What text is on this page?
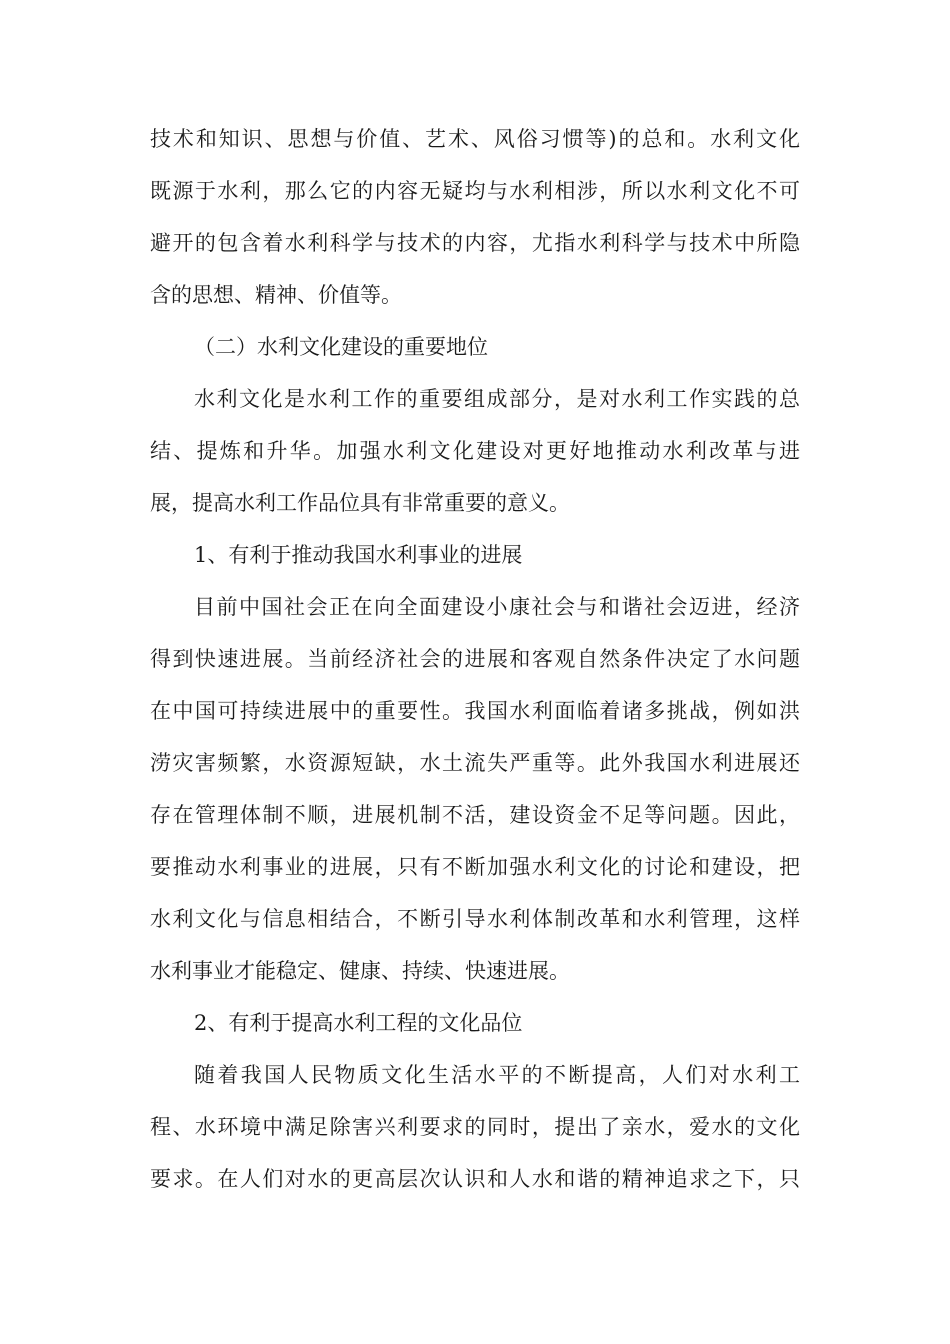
技术和知识、思想与价值、艺术、风俗习惯等)的总和。水利文化
既源于水利，那么它的内容无疑均与水利相涉，所以水利文化不可
避开的包含着水利科学与技术的内容，尤指水利科学与技术中所隐
含的思想、精神、价值等。
（二）水利文化建设的重要地位
水利文化是水利工作的重要组成部分，是对水利工作实践的总
结、提炼和升华。加强水利文化建设对更好地推动水利改革与进
展，提高水利工作品位具有非常重要的意义。
1、有利于推动我国水利事业的进展
目前中国社会正在向全面建设小康社会与和谐社会迈进，经济
得到快速进展。当前经济社会的进展和客观自然条件决定了水问题
在中国可持续进展中的重要性。我国水利面临着诸多挑战，例如洪
涝灾害频繁，水资源短缺，水土流失严重等。此外我国水利进展还
存在管理体制不顺，进展机制不活，建设资金不足等问题。因此，
要推动水利事业的进展，只有不断加强水利文化的讨论和建设，把
水利文化与信息相结合，不断引导水利体制改革和水利管理，这样
水利事业才能稳定、健康、持续、快速进展。
2、有利于提高水利工程的文化品位
随着我国人民物质文化生活水平的不断提高，人们对水利工
程、水环境中满足除害兴利要求的同时，提出了亲水，爱水的文化
要求。在人们对水的更高层次认识和人水和谐的精神追求之下，只
